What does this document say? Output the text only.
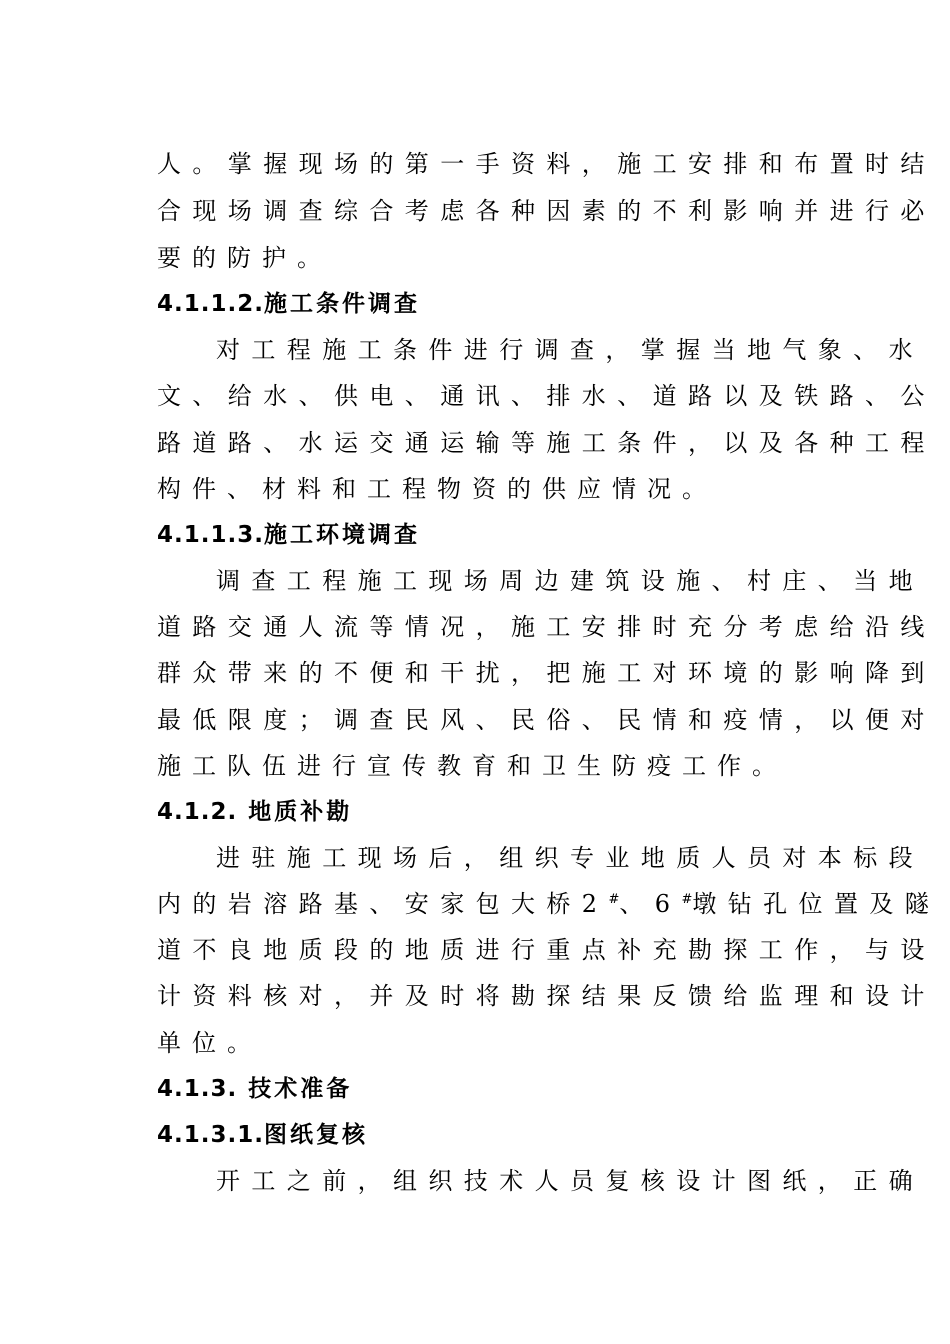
人。掌握现场的第一手资料，施工安排和布置时结
合现场调查综合考虑各种因素的不利影响并进行必
要的防护。
4.1.1.2.施工条件调查
对工程施工条件进行调查，掌握当地气象、水
文、给水、供电、通讯、排水、道路以及铁路、公
路道路、水运交通运输等施工条件，以及各种工程
构件、材料和工程物资的供应情况。
4.1.1.3.施工环境调查
调查工程施工现场周边建筑设施、村庄、当地
道路交通人流等情况，施工安排时充分考虑给沿线
群众带来的不便和干扰，把施工对环境的影响降到
最低限度；调查民风、民俗、民情和疫情，以便对
施工队伍进行宣传教育和卫生防疫工作。
4.1.2. 地质补勘
进驻施工现场后，组织专业地质人员对本标段
内的岩溶路基、安家包大桥2#、6#墩钻孔位置及隧
道不良地质段的地质进行重点补充勘探工作，与设
计资料核对，并及时将勘探结果反馈给监理和设计
单位。
4.1.3. 技术准备
4.1.3.1.图纸复核
开工之前，组织技术人员复核设计图纸，正确
